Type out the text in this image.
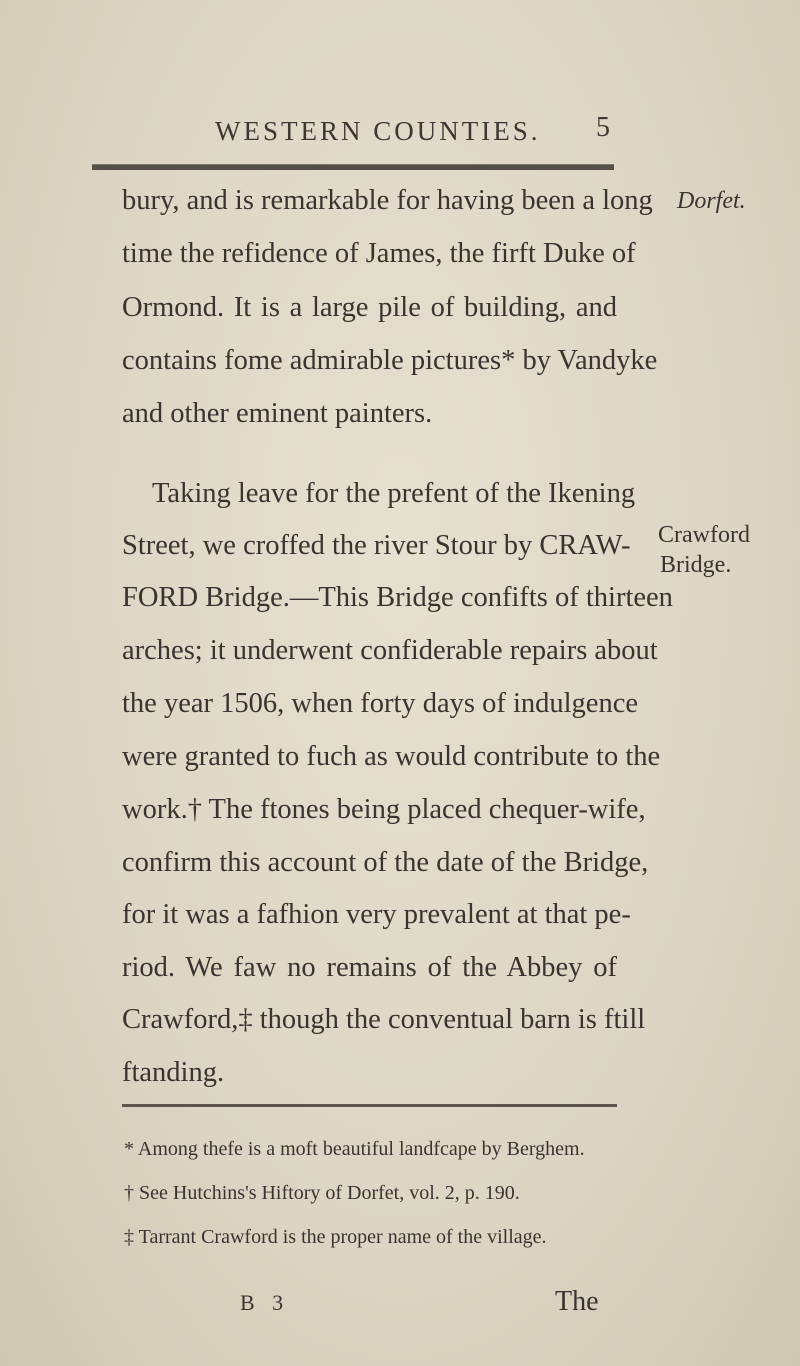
WESTERN COUNTIES. 5
bury, and is remarkable for having been a long
time the refidence of James, the firft Duke of
Ormond. It is a large pile of building, and
contains fome admirable pictures* by Vandyke
and other eminent painters.
Taking leave for the prefent of the Ikening
Street, we croffed the river Stour by CRAW-
FORD Bridge.—This Bridge confifts of thirteen
arches; it underwent confiderable repairs about
the year 1506, when forty days of indulgence
were granted to fuch as would contribute to the
work.† The ftones being placed chequer-wife,
confirm this account of the date of the Bridge,
for it was a fafhion very prevalent at that pe-
riod. We faw no remains of the Abbey of
Crawford,‡ though the conventual barn is ftill
ftanding.
Dorfet.
Crawford
Bridge.
* Among thefe is a moft beautiful landfcape by Berghem.
† See Hutchins's Hiftory of Dorfet, vol. 2, p. 190.
‡ Tarrant Crawford is the proper name of the village.
B 3	The
